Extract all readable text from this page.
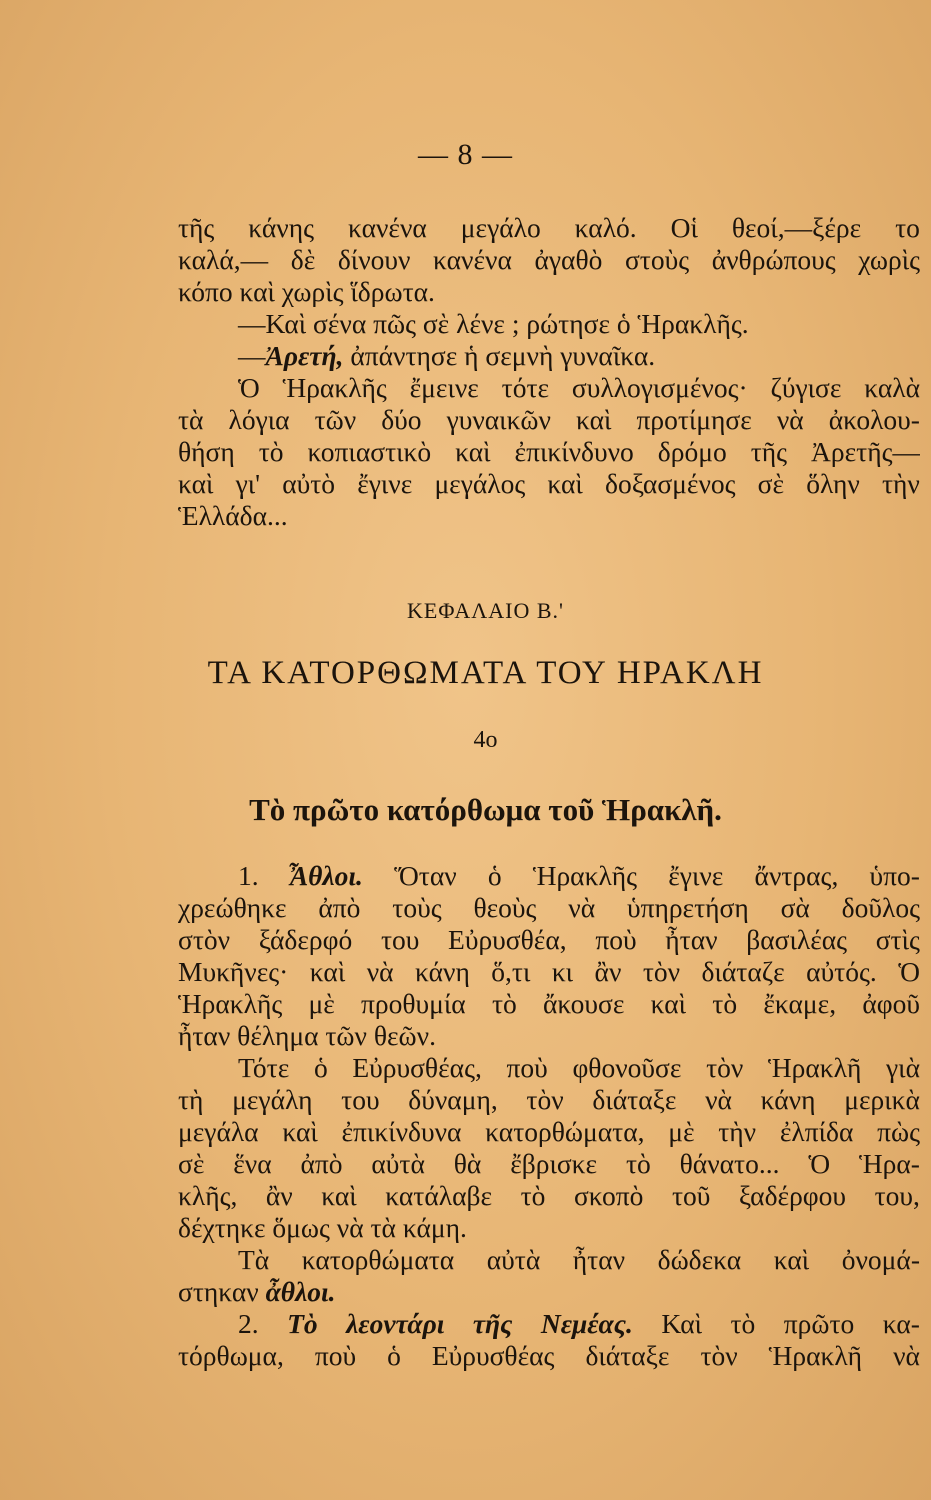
— 8 —
τῆς κάνης κανένα μεγάλο καλό. Οἱ θεοί,—ξέρε το
καλά,— δὲ δίνουν κανένα ἀγαθὸ στοὺς ἀνθρώπους χωρὶς
κόπο καὶ χωρὶς ἵδρωτα.
—Καὶ σένα πῶς σὲ λένε ; ρώτησε ὁ Ἡρακλῆς.
—Ἀρετή, ἀπάντησε ἡ σεμνὴ γυναῖκα.
Ὁ Ἡρακλῆς ἔμεινε τότε συλλογισμένος· ζύγισε καλὰ
τὰ λόγια τῶν δύο γυναικῶν καὶ προτίμησε νὰ ἀκολου-
θήση τὸ κοπιαστικὸ καὶ ἐπικίνδυνο δρόμο τῆς Ἀρετῆς—
καὶ γι' αὐτὸ ἔγινε μεγάλος καὶ δοξασμένος σὲ ὅλην τὴν
Ἑλλάδα...
ΚΕΦΑΛΑΙΟ Β.'
ΤΑ ΚΑΤΟΡΘΩΜΑΤΑ ΤΟΥ ΗΡΑΚΛΗ
4ο
Τὸ πρῶτο κατόρθωμα τοῦ Ἡρακλῆ.
1. Ἆθλοι. Ὅταν ὁ Ἡρακλῆς ἔγινε ἄντρας, ὑπο-
χρεώθηκε ἀπὸ τοὺς θεοὺς νὰ ὑπηρετήση σὰ δοῦλος
στὸν ξάδερφό του Εὐρυσθέα, ποὺ ἦταν βασιλέας στὶς
Μυκῆνες· καὶ νὰ κάνη ὅ,τι κι ἂν τὸν διάταζε αὐτός. Ὁ
Ἡρακλῆς μὲ προθυμία τὸ ἄκουσε καὶ τὸ ἔκαμε, ἀφοῦ
ἦταν θέλημα τῶν θεῶν.
Τότε ὁ Εὐρυσθέας, ποὺ φθονοῦσε τὸν Ἡρακλῆ γιὰ
τὴ μεγάλη του δύναμη, τὸν διάταξε νὰ κάνη μερικὰ
μεγάλα καὶ ἐπικίνδυνα κατορθώματα, μὲ τὴν ἐλπίδα πὼς
σὲ ἕνα ἀπὸ αὐτὰ θὰ ἔβρισκε τὸ θάνατο... Ὁ Ἡρα-
κλῆς, ἂν καὶ κατάλαβε τὸ σκοπὸ τοῦ ξαδέρφου του,
δέχτηκε ὅμως νὰ τὰ κάμη.
Τὰ κατορθώματα αὐτὰ ἦταν δώδεκα καὶ ὀνομά-
στηκαν ἆθλοι.
2. Τὸ λεοντάρι τῆς Νεμέας. Καὶ τὸ πρῶτο κα-
τόρθωμα, ποὺ ὁ Εὐρυσθέας διάταξε τὸν Ἡρακλῆ νὰ
